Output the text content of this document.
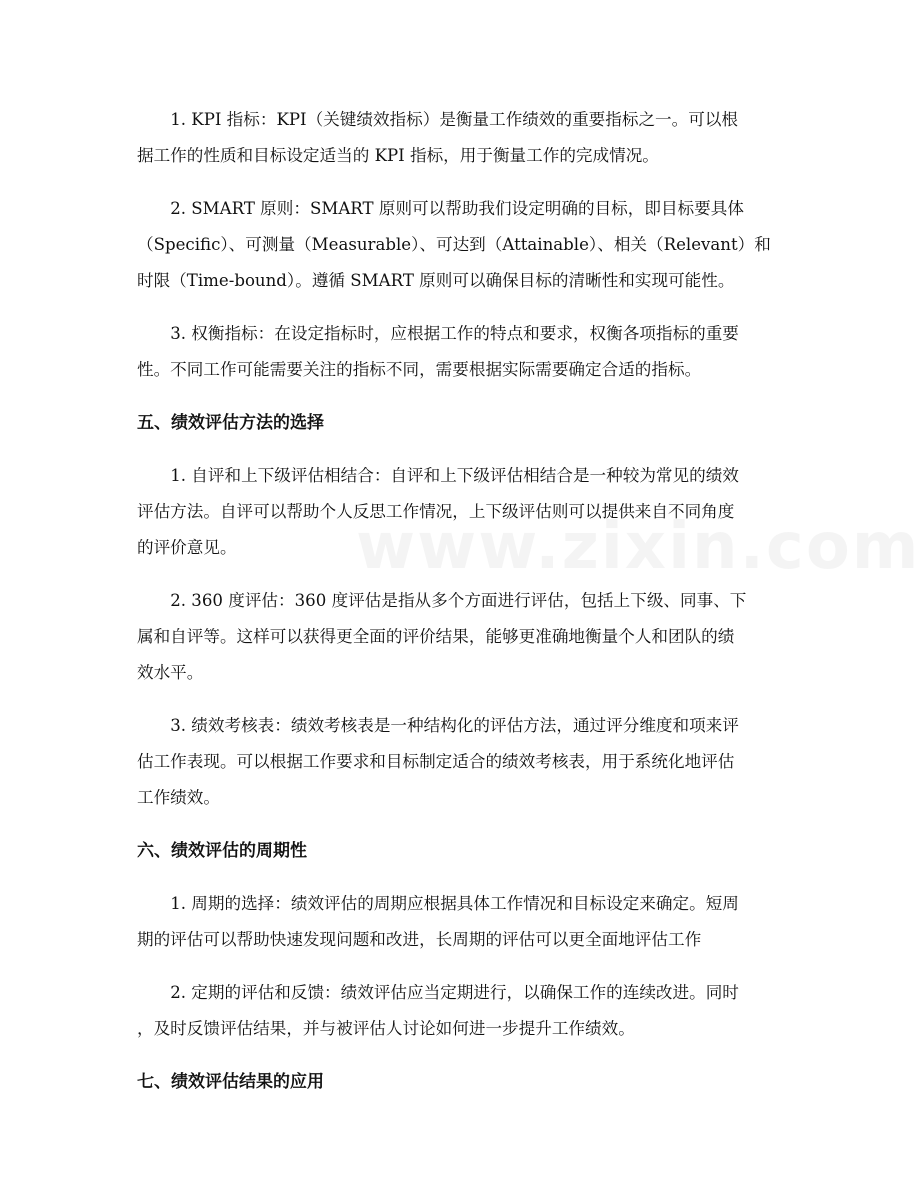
1. KPI 指标：KPI（关键绩效指标）是衡量工作绩效的重要指标之一。可以根
据工作的性质和目标设定适当的 KPI 指标，用于衡量工作的完成情况。
2. SMART 原则：SMART 原则可以帮助我们设定明确的目标，即目标要具体
（Specific）、可测量（Measurable）、可达到（Attainable）、相关（Relevant）和
时限（Time-bound）。遵循 SMART 原则可以确保目标的清晰性和实现可能性。
3. 权衡指标：在设定指标时，应根据工作的特点和要求，权衡各项指标的重要
性。不同工作可能需要关注的指标不同，需要根据实际需要确定合适的指标。
五、绩效评估方法的选择
1. 自评和上下级评估相结合：自评和上下级评估相结合是一种较为常见的绩效
评估方法。自评可以帮助个人反思工作情况，上下级评估则可以提供来自不同角度
的评价意见。
2. 360 度评估：360 度评估是指从多个方面进行评估，包括上下级、同事、下
属和自评等。这样可以获得更全面的评价结果，能够更准确地衡量个人和团队的绩
效水平。
3. 绩效考核表：绩效考核表是一种结构化的评估方法，通过评分维度和项来评
估工作表现。可以根据工作要求和目标制定适合的绩效考核表，用于系统化地评估
工作绩效。
六、绩效评估的周期性
1. 周期的选择：绩效评估的周期应根据具体工作情况和目标设定来确定。短周
期的评估可以帮助快速发现问题和改进，长周期的评估可以更全面地评估工作
2. 定期的评估和反馈：绩效评估应当定期进行，以确保工作的连续改进。同时
，及时反馈评估结果，并与被评估人讨论如何进一步提升工作绩效。
七、绩效评估结果的应用
